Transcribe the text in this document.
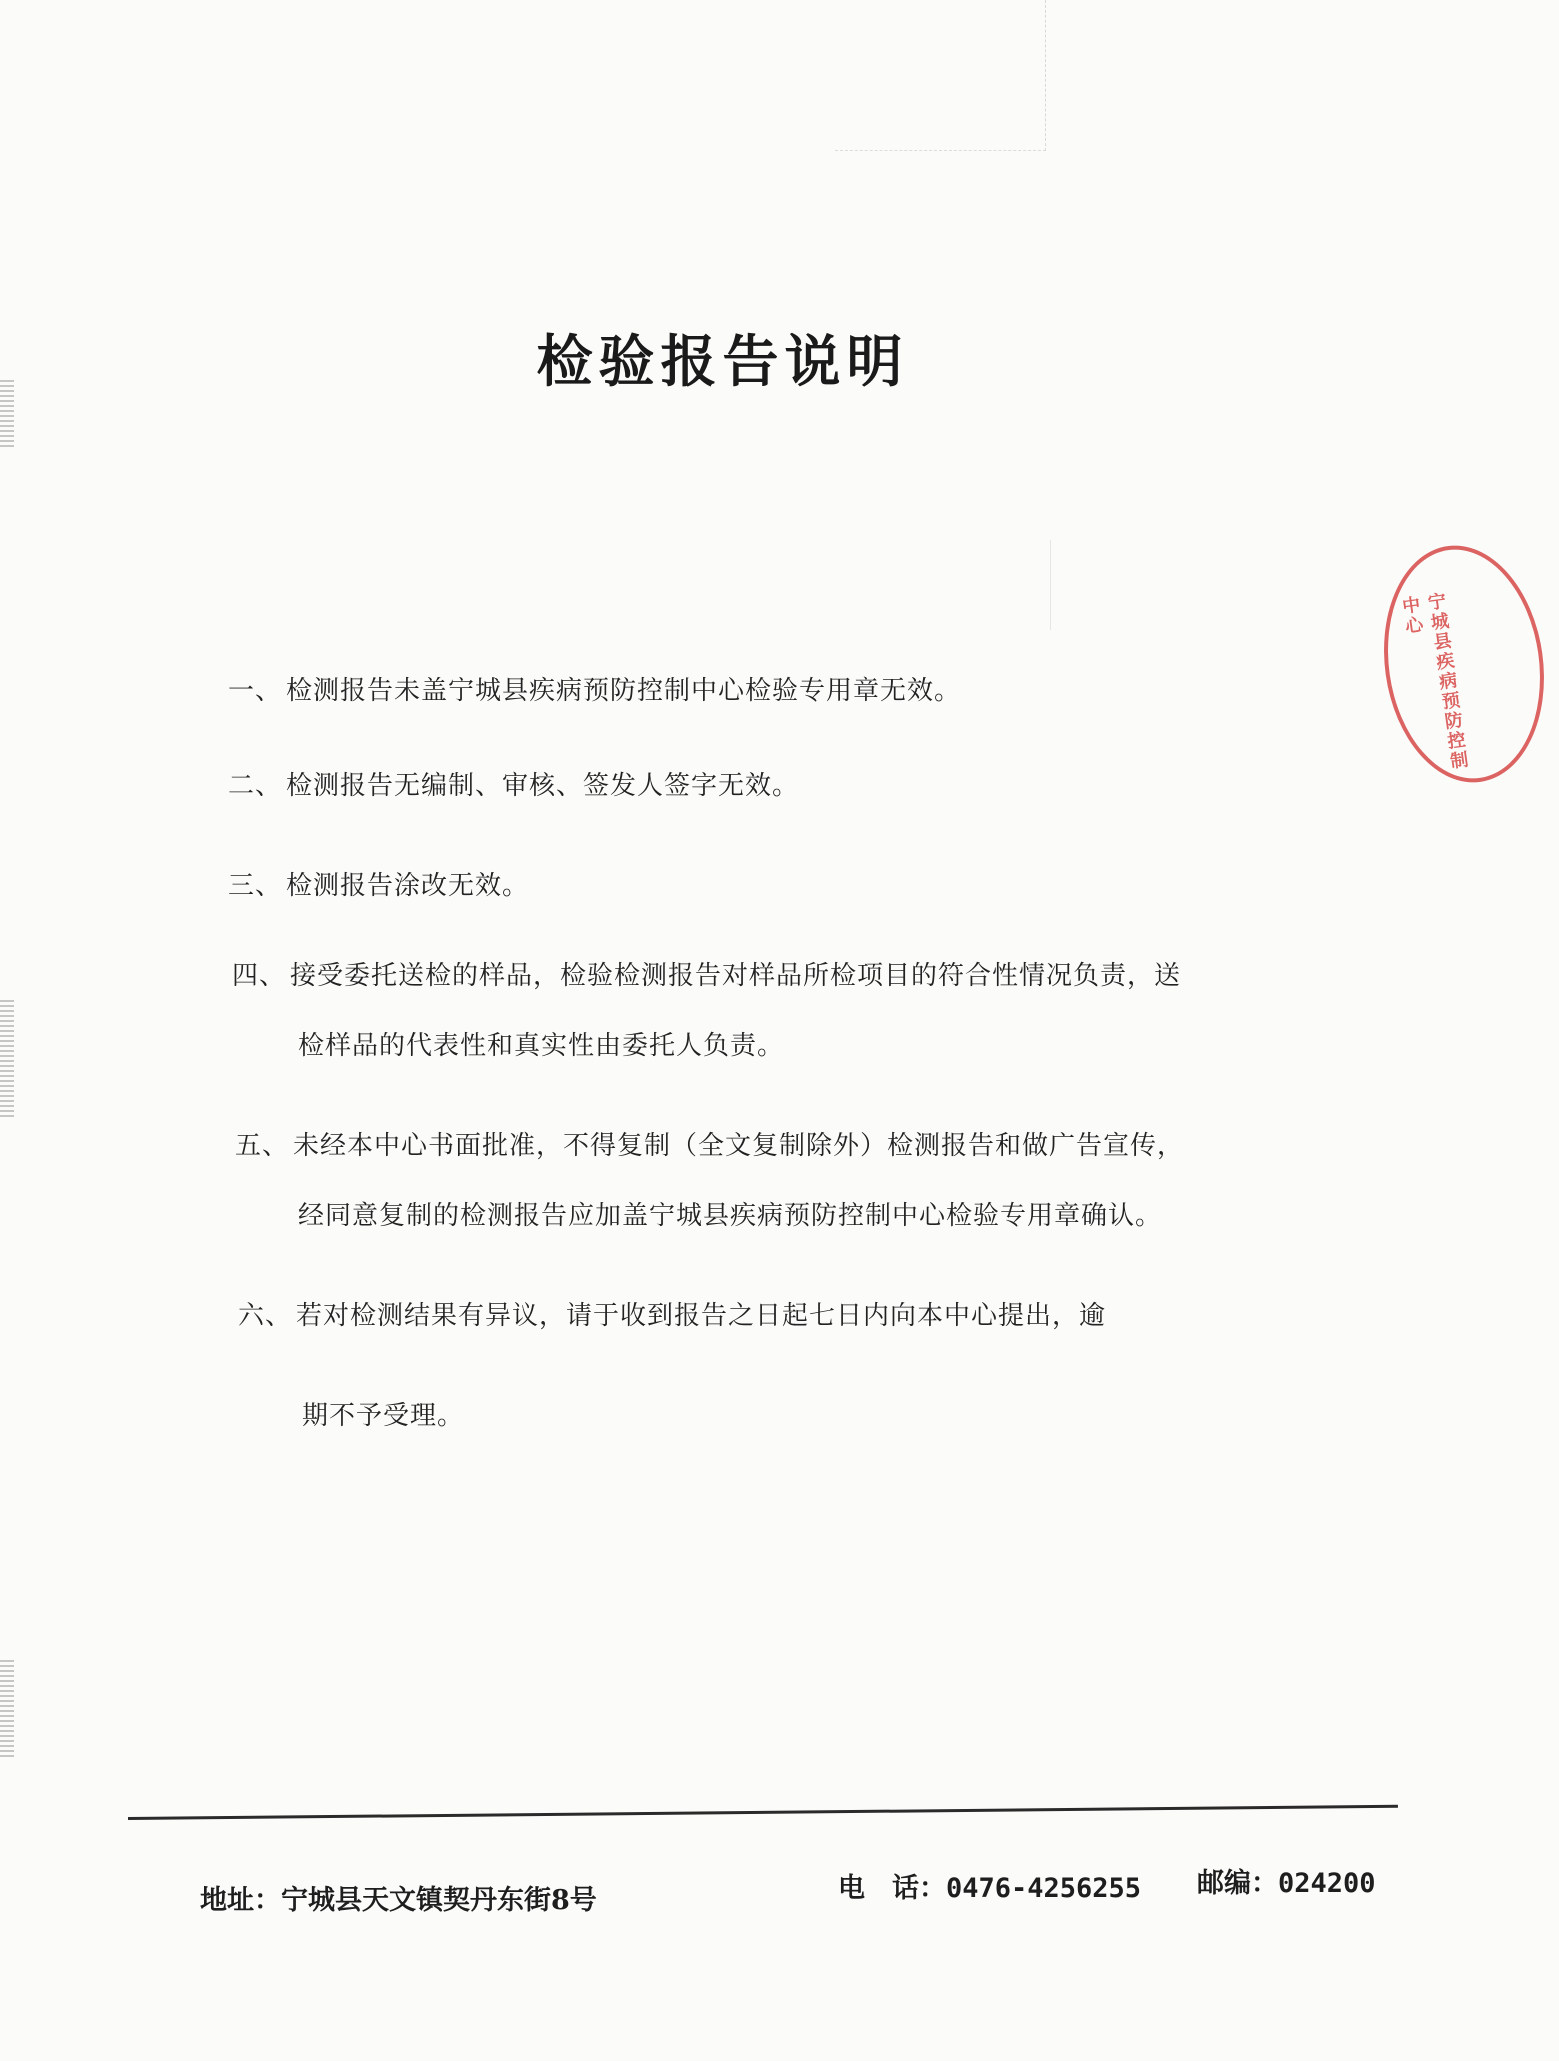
检验报告说明
一、 检测报告未盖宁城县疾病预防控制中心检验专用章无效。
二、 检测报告无编制、审核、签发人签字无效。
三、 检测报告涂改无效。
四、 接受委托送检的样品，检验检测报告对样品所检项目的符合性情况负责，送
检样品的代表性和真实性由委托人负责。
五、 未经本中心书面批准，不得复制（全文复制除外）检测报告和做广告宣传，
经同意复制的检测报告应加盖宁城县疾病预防控制中心检验专用章确认。
六、 若对检测结果有异议，请于收到报告之日起七日内向本中心提出，逾
期不予受理。
宁城县疾病预防控制中心
地址：宁城县天文镇契丹东街8号	电　话：0476-4256255 邮编：024200
